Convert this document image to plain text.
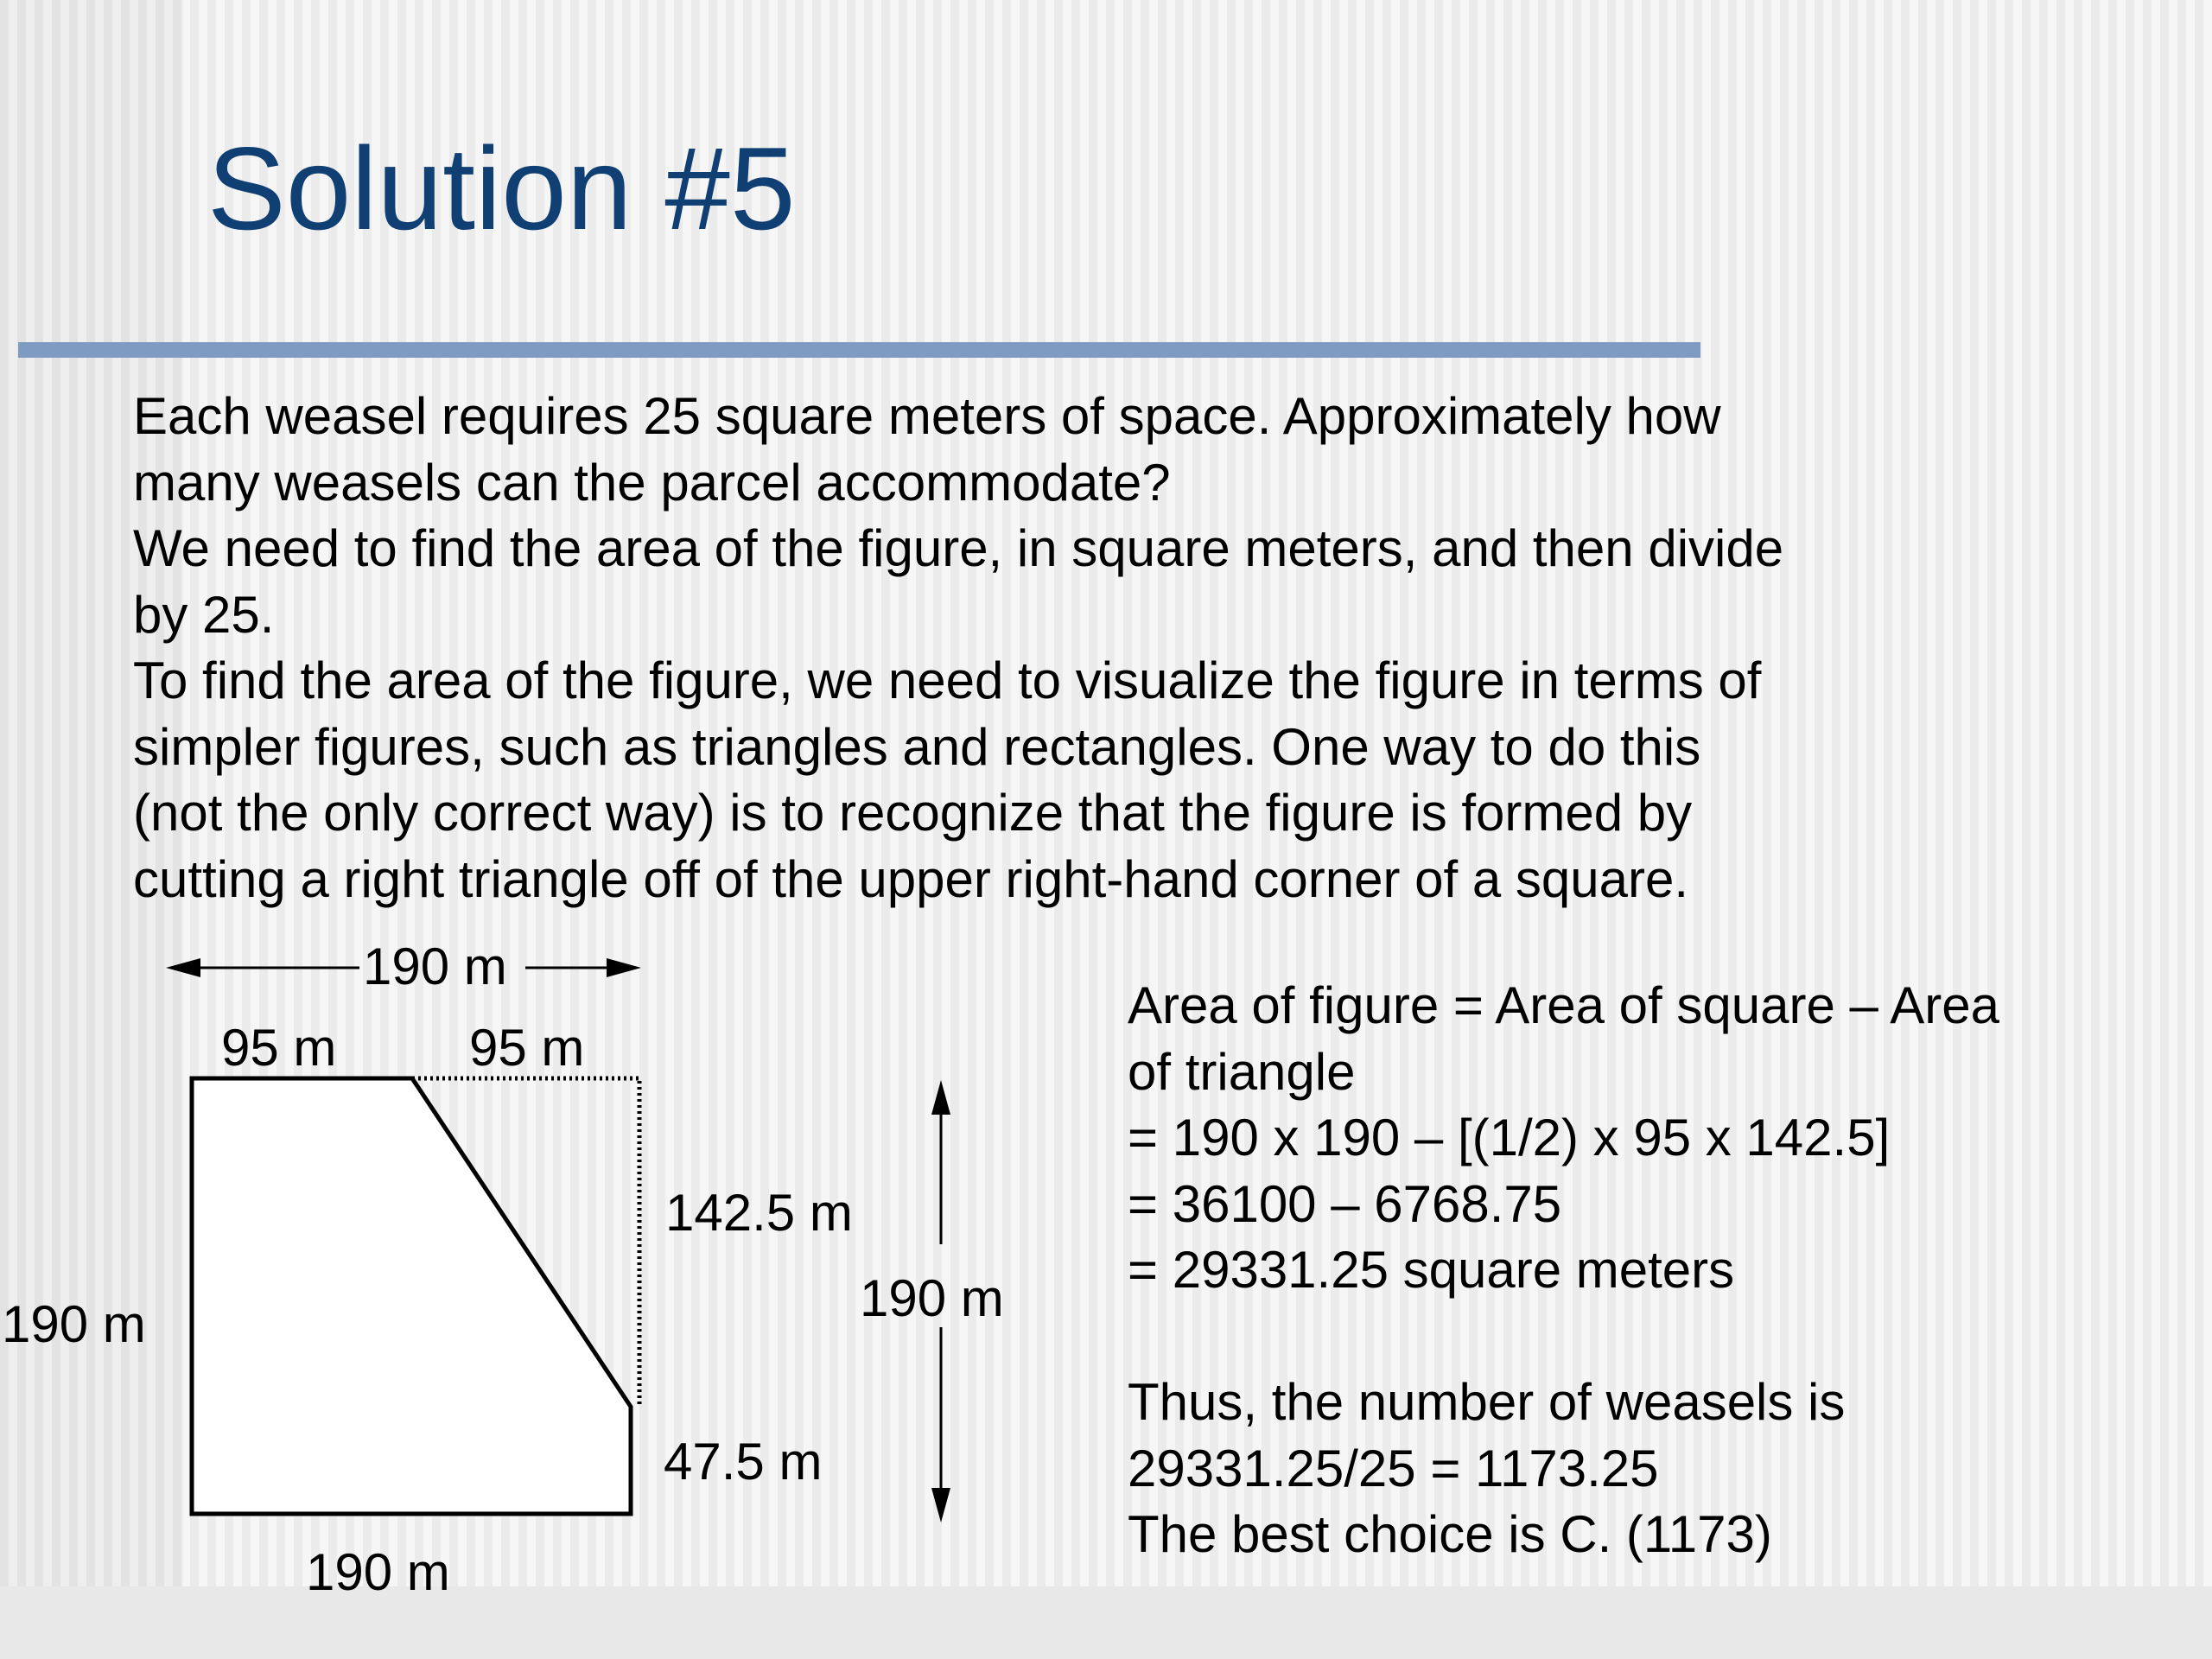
Solution #5

Each weasel requires 25 square meters of space. Approximately how

many weasels can the parcel accommodate?

We need to find the area of the figure, in square meters, and then divide

by 25.

To find the area of the figure, we need to visualize the figure in terms of

simpler figures, such as triangles and rectangles. One way to do this

(not the only correct way) is to recognize that the figure is formed by

cutting a right triangle off of the upper right-hand corner of a square.

190 m
95 m	95 m
142.5 m
190 m
190 m
47.5 m
190 m

Area of figure = Area of square – Area

of triangle

= 190 x 190 – [(1/2) x 95 x 142.5]

= 36100 – 6768.75

= 29331.25 square meters

Thus, the number of weasels is

29331.25/25 = 1173.25

The best choice is C. (1173)
